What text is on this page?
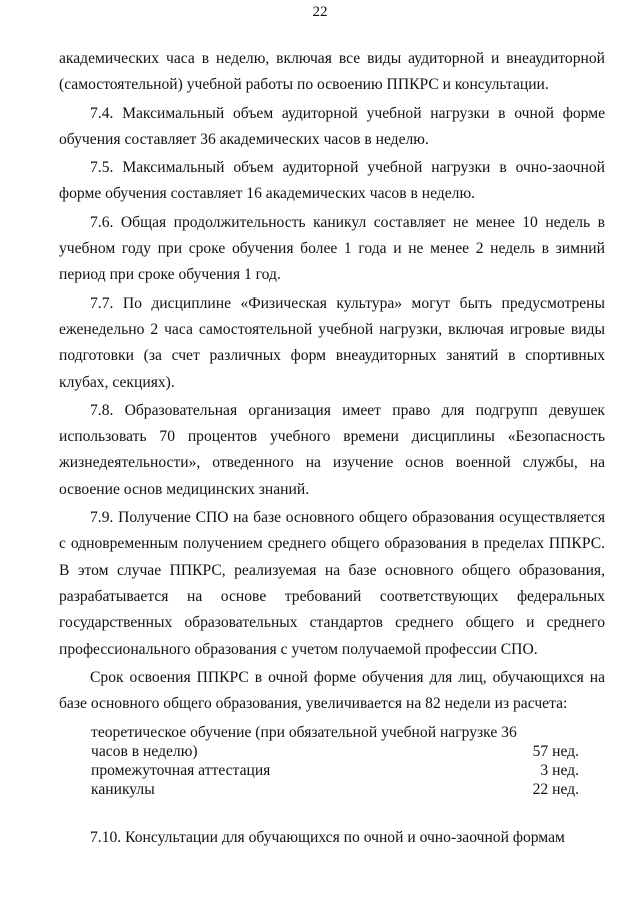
22

академических часа в неделю, включая все виды аудиторной и внеаудиторной (самостоятельной) учебной работы по освоению ППКРС и консультации.

7.4. Максимальный объем аудиторной учебной нагрузки в очной форме обучения составляет 36 академических часов в неделю.

7.5. Максимальный объем аудиторной учебной нагрузки в очно-заочной форме обучения составляет 16 академических часов в неделю.

7.6. Общая продолжительность каникул составляет не менее 10 недель в учебном году при сроке обучения более 1 года и не менее 2 недель в зимний период при сроке обучения 1 год.

7.7. По дисциплине «Физическая культура» могут быть предусмотрены еженедельно 2 часа самостоятельной учебной нагрузки, включая игровые виды подготовки (за счет различных форм внеаудиторных занятий в спортивных клубах, секциях).

7.8. Образовательная организация имеет право для подгрупп девушек использовать 70 процентов учебного времени дисциплины «Безопасность жизнедеятельности», отведенного на изучение основ военной службы, на освоение основ медицинских знаний.

7.9. Получение СПО на базе основного общего образования осуществляется с одновременным получением среднего общего образования в пределах ППКРС. В этом случае ППКРС, реализуемая на базе основного общего образования, разрабатывается на основе требований соответствующих федеральных государственных образовательных стандартов среднего общего и среднего профессионального образования с учетом получаемой профессии СПО.

Срок освоения ППКРС в очной форме обучения для лиц, обучающихся на базе основного общего образования, увеличивается на 82 недели из расчета:

теоретическое обучение (при обязательной учебной нагрузке 36
часов в неделю)	57 нед.
промежуточная аттестация	3 нед.
каникулы	22 нед.

7.10. Консультации для обучающихся по очной и очно-заочной формам
